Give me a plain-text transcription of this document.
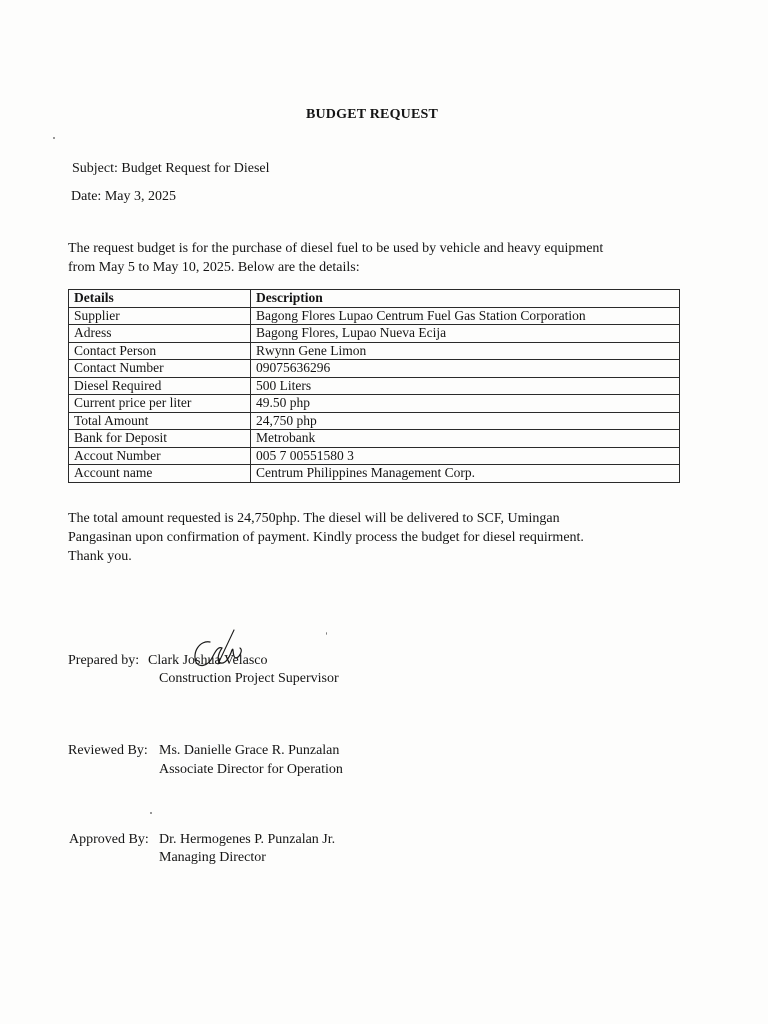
BUDGET REQUEST
Subject: Budget Request for Diesel
Date: May 3, 2025
The request budget is for the purchase of diesel fuel to be used by vehicle and heavy equipment
from May 5 to May 10, 2025. Below are the details:
Details	Description
Supplier	Bagong Flores Lupao Centrum Fuel Gas Station Corporation
Adress	Bagong Flores, Lupao Nueva Ecija
Contact Person	Rwynn Gene Limon
Contact Number	09075636296
Diesel Required	500 Liters
Current price per liter	49.50 php
Total Amount	24,750 php
Bank for Deposit	Metrobank
Accout Number	005 7 00551580 3
Account name	Centrum Philippines Management Corp.
The total amount requested is 24,750php. The diesel will be delivered to SCF, Umingan
Pangasinan upon confirmation of payment. Kindly process the budget for diesel requirment.
Thank you.
Prepared by: Clark Joshua Velasco
Construction Project Supervisor
Reviewed By: Ms. Danielle Grace R. Punzalan
Associate Director for Operation
Approved By: Dr. Hermogenes P. Punzalan Jr.
Managing Director
